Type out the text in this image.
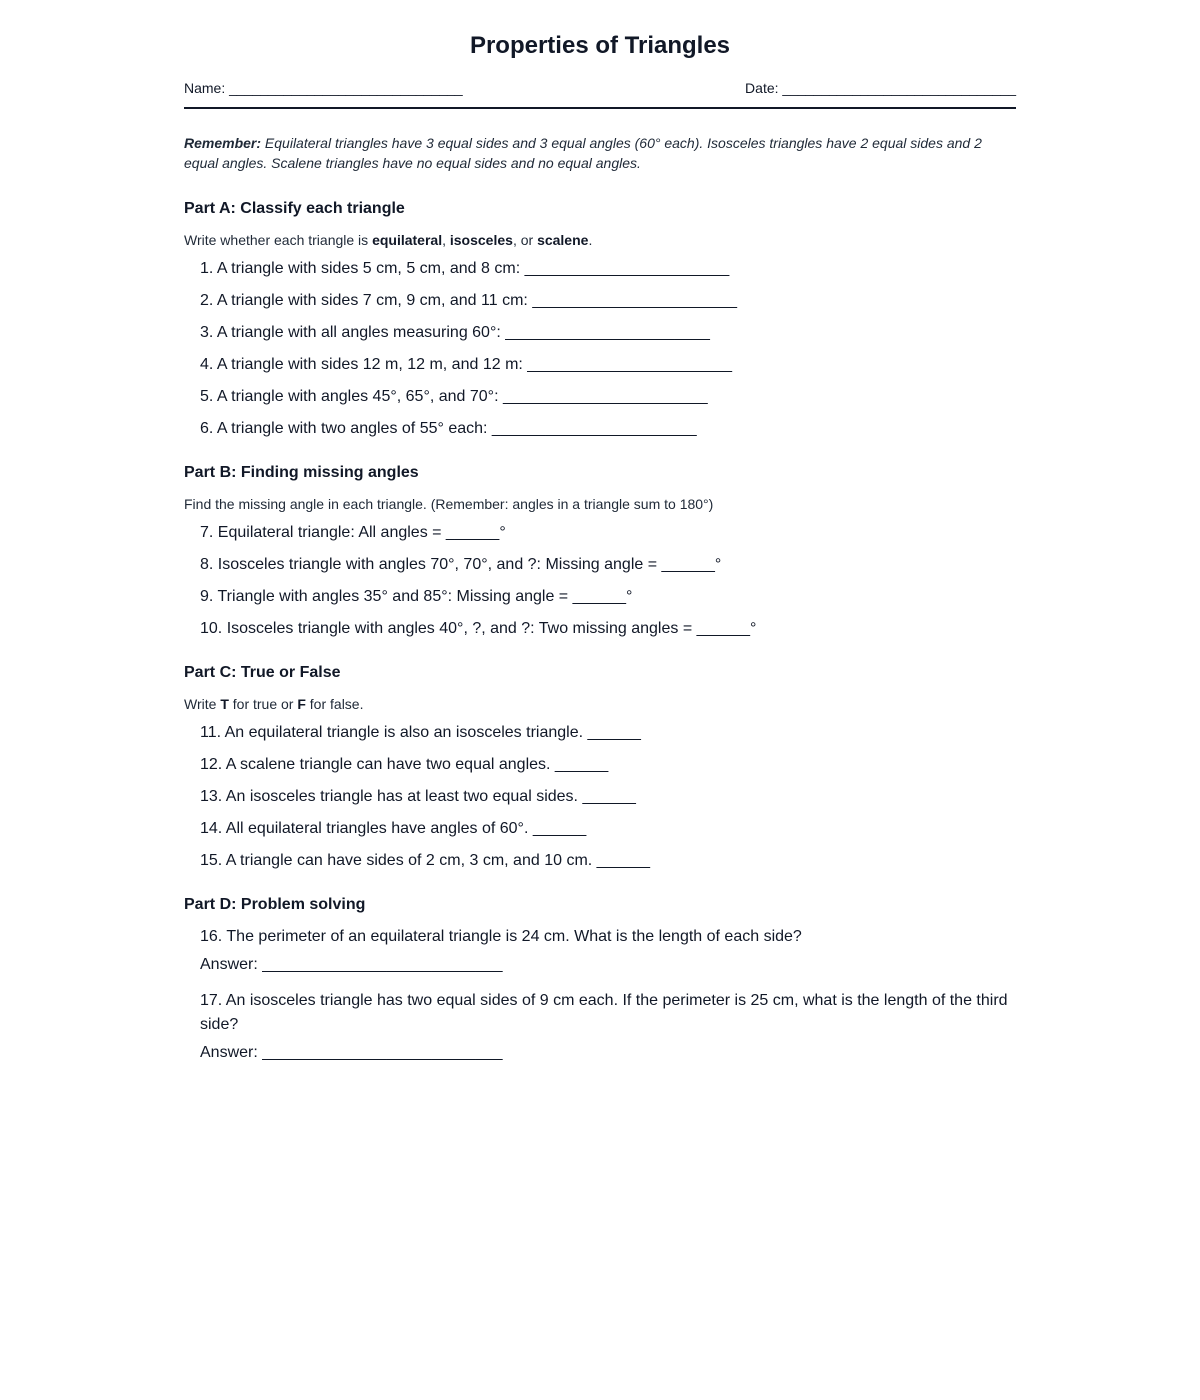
Properties of Triangles
Name: ______________________________	Date: ______________________________

Remember: Equilateral triangles have 3 equal sides and 3 equal angles (60° each). Isosceles triangles have 2 equal sides and 2 equal angles. Scalene triangles have no equal sides and no equal angles.

Part A: Classify each triangle
Write whether each triangle is equilateral, isosceles, or scalene.
1. A triangle with sides 5 cm, 5 cm, and 8 cm: _______________________
2. A triangle with sides 7 cm, 9 cm, and 11 cm: _______________________
3. A triangle with all angles measuring 60°: _______________________
4. A triangle with sides 12 m, 12 m, and 12 m: _______________________
5. A triangle with angles 45°, 65°, and 70°: _______________________
6. A triangle with two angles of 55° each: _______________________
Part B: Finding missing angles
Find the missing angle in each triangle. (Remember: angles in a triangle sum to 180°)
7. Equilateral triangle: All angles = ______°
8. Isosceles triangle with angles 70°, 70°, and ?: Missing angle = ______°
9. Triangle with angles 35° and 85°: Missing angle = ______°
10. Isosceles triangle with angles 40°, ?, and ?: Two missing angles = ______°
Part C: True or False
Write T for true or F for false.
11. An equilateral triangle is also an isosceles triangle. ______
12. A scalene triangle can have two equal angles. ______
13. An isosceles triangle has at least two equal sides. ______
14. All equilateral triangles have angles of 60°. ______
15. A triangle can have sides of 2 cm, 3 cm, and 10 cm. ______
Part D: Problem solving
16. The perimeter of an equilateral triangle is 24 cm. What is the length of each side?
Answer: ___________________________
17. An isosceles triangle has two equal sides of 9 cm each. If the perimeter is 25 cm, what is the length of the third side?
Answer: ___________________________
